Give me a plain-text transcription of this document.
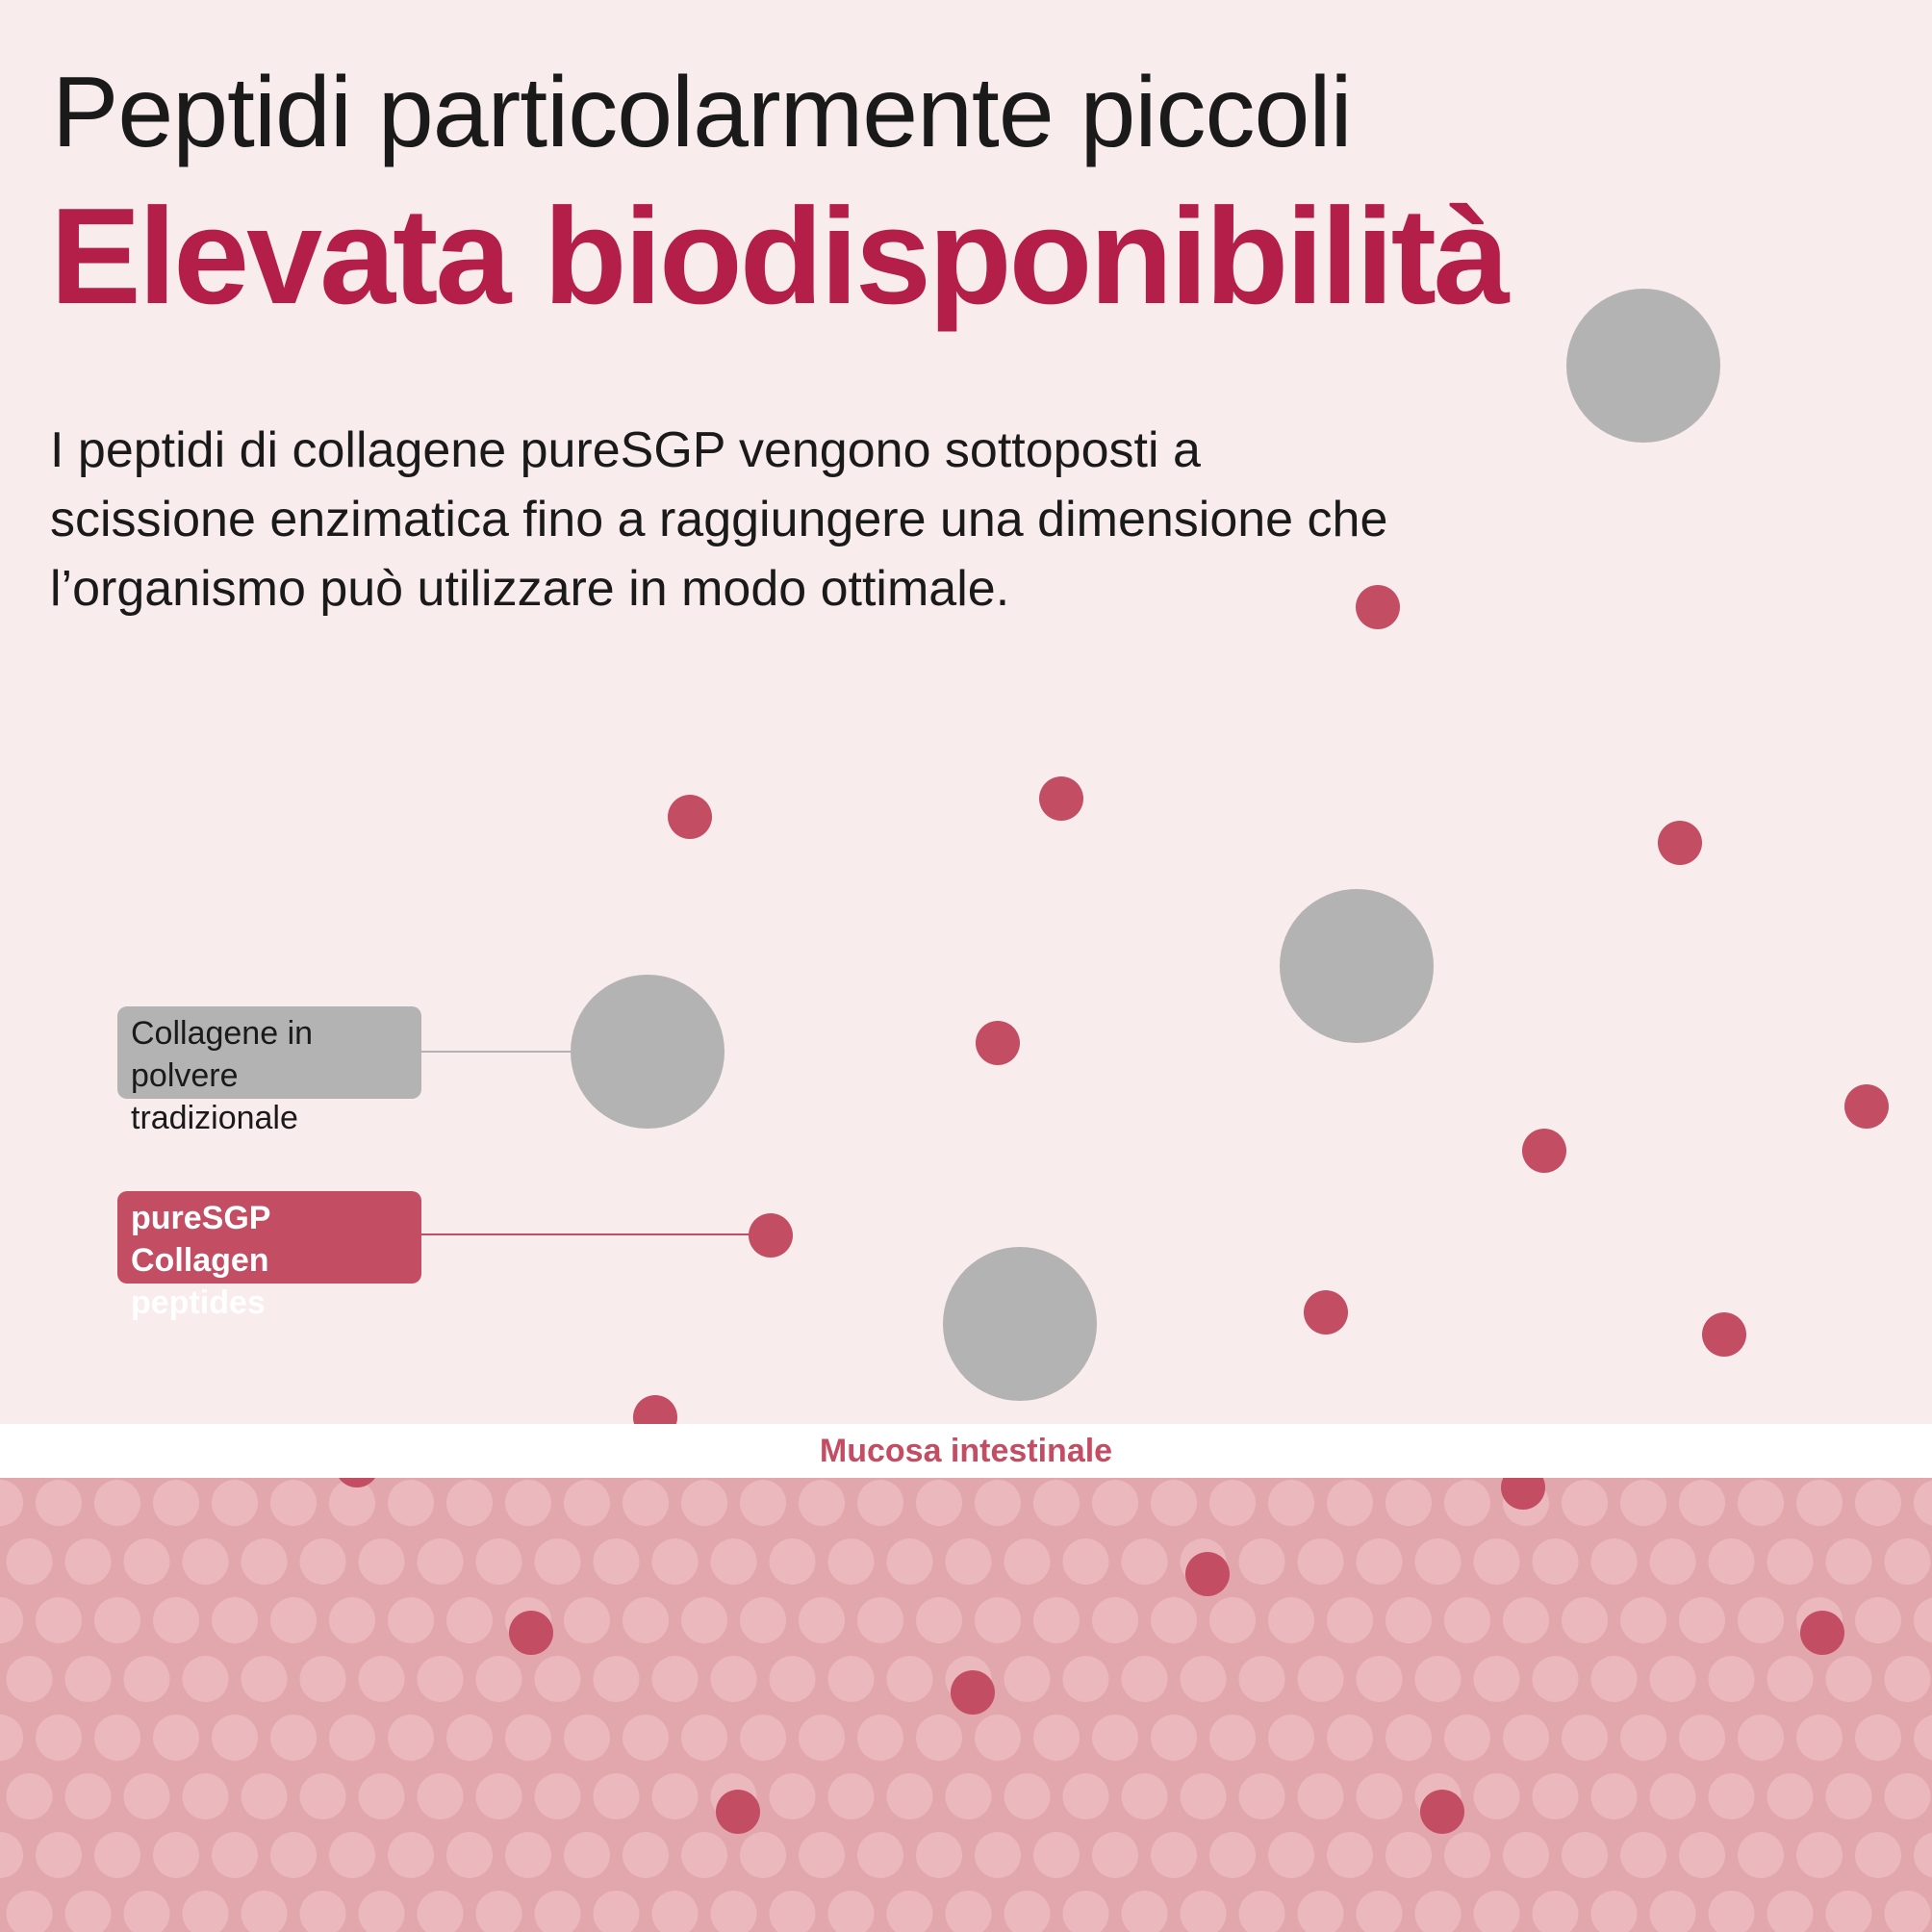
Peptidi particolarmente piccoli
Elevata biodisponibilità

I peptidi di collagene pureSGP vengono sottoposti a scissione enzimatica fino a raggiungere una dimensione che l’organismo può utilizzare in modo ottimale.

Collagene in
polvere tradizionale
pureSGP
Collagen peptides
Mucosa intestinale
